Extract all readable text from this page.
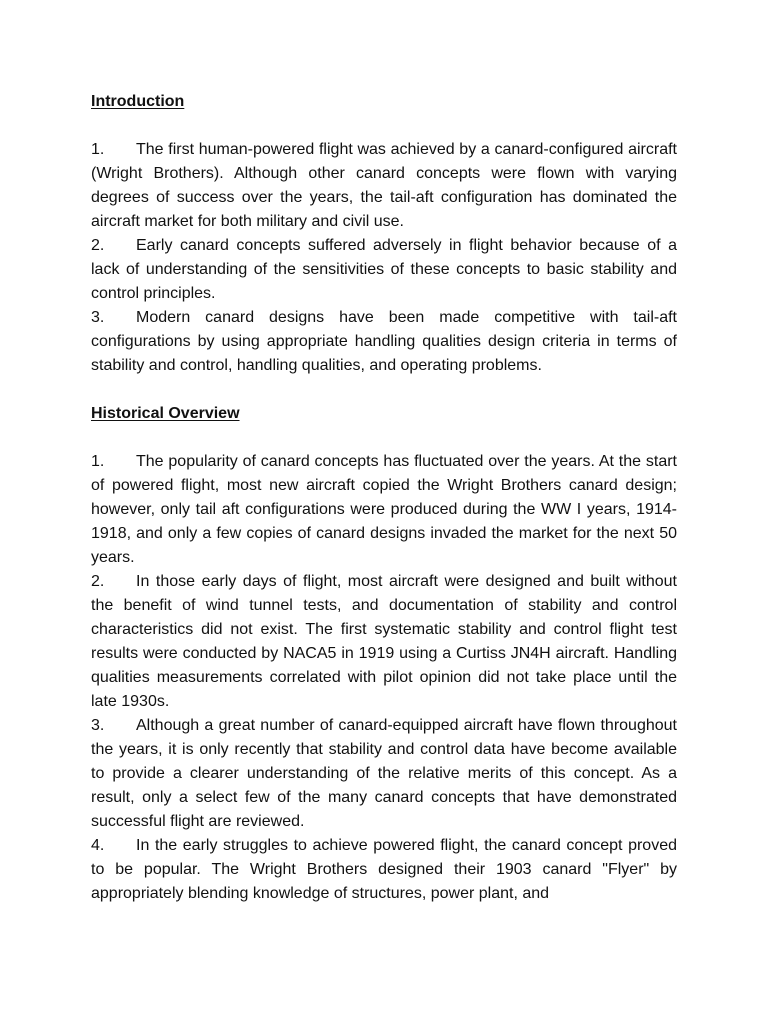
Introduction

1. The first human-powered flight was achieved by a canard-configured aircraft (Wright Brothers). Although other canard concepts were flown with varying degrees of success over the years, the tail-aft configuration has dominated the aircraft market for both military and civil use.

2. Early canard concepts suffered adversely in flight behavior because of a lack of understanding of the sensitivities of these concepts to basic stability and control principles.

3. Modern canard designs have been made competitive with tail-aft configurations by using appropriate handling qualities design criteria in terms of stability and control, handling qualities, and operating problems.

Historical Overview

1. The popularity of canard concepts has fluctuated over the years. At the start of powered flight, most new aircraft copied the Wright Brothers canard design; however, only tail aft configurations were produced during the WW I years, 1914-1918, and only a few copies of canard designs invaded the market for the next 50 years.

2. In those early days of flight, most aircraft were designed and built without the benefit of wind tunnel tests, and documentation of stability and control characteristics did not exist. The first systematic stability and control flight test results were conducted by NACA5 in 1919 using a Curtiss JN4H aircraft. Handling qualities measurements correlated with pilot opinion did not take place until the late 1930s.

3. Although a great number of canard-equipped aircraft have flown throughout the years, it is only recently that stability and control data have become available to provide a clearer understanding of the relative merits of this concept. As a result, only a select few of the many canard concepts that have demonstrated successful flight are reviewed.

4. In the early struggles to achieve powered flight, the canard concept proved to be popular. The Wright Brothers designed their 1903 canard "Flyer" by appropriately blending knowledge of structures, power plant, and
